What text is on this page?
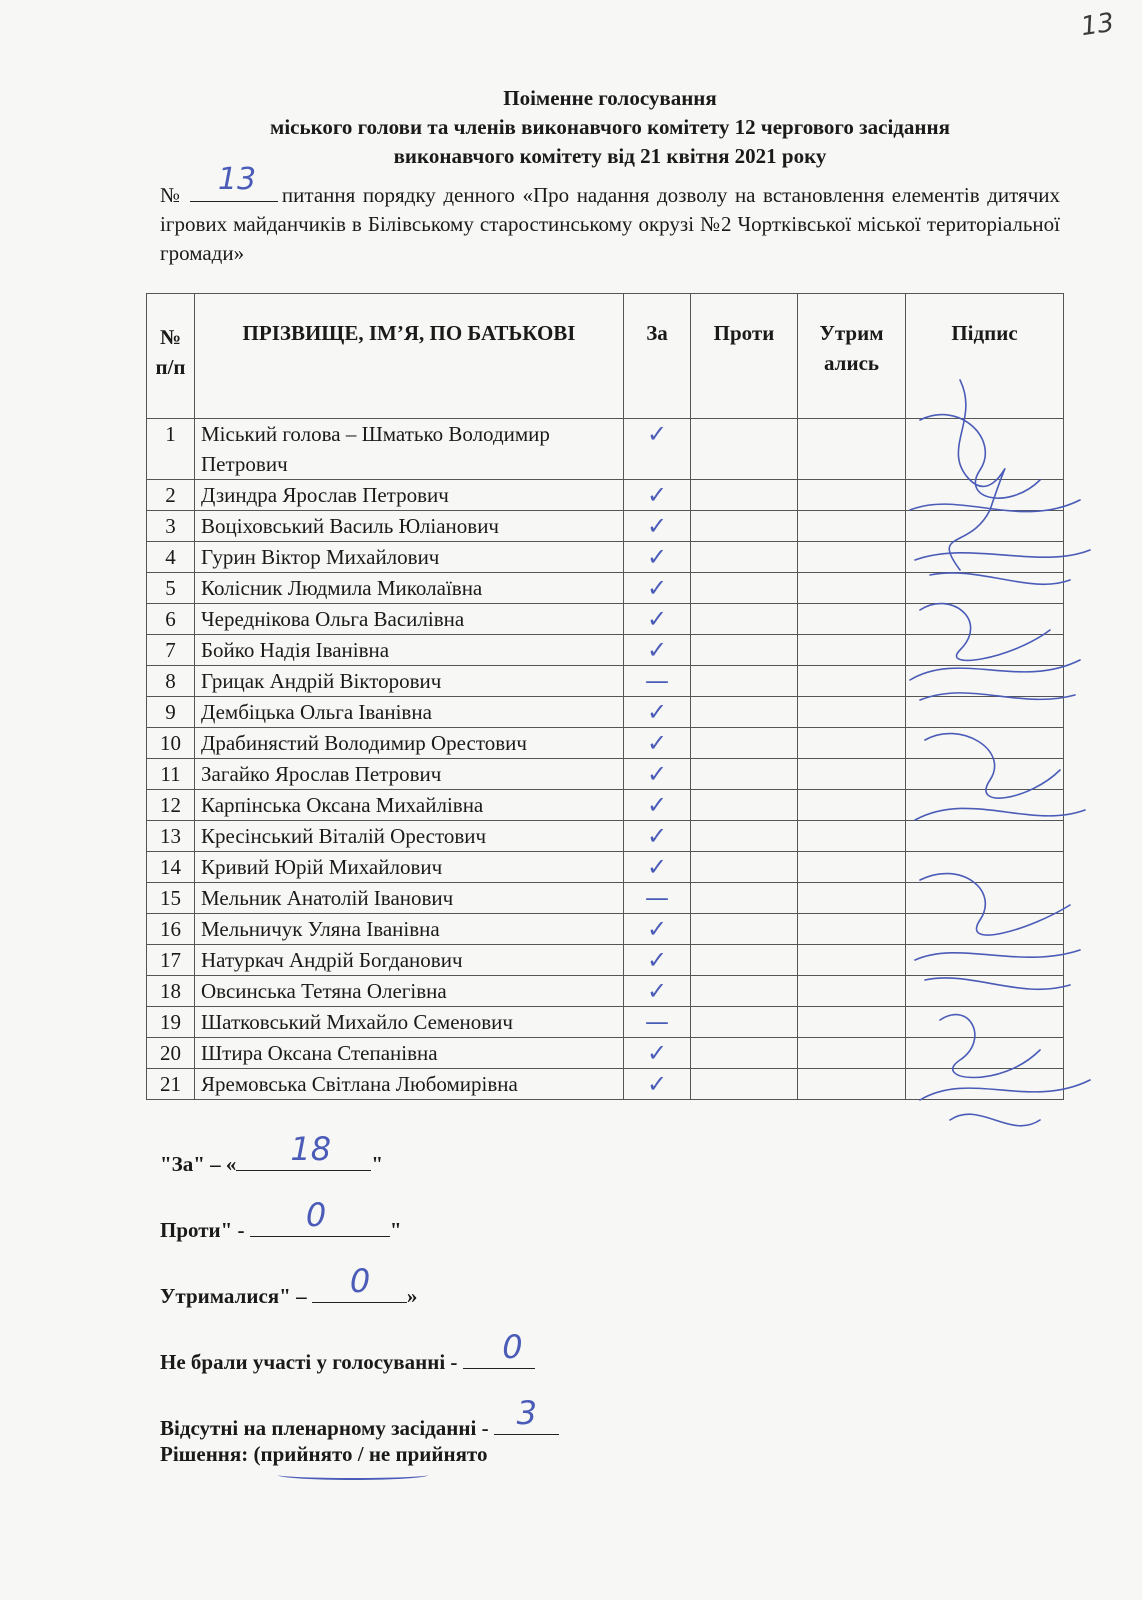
13
Поіменне голосування
міського голови та членів виконавчого комітету 12 чергового засідання
виконавчого комітету від 21 квітня 2021 року
№ 13 питання порядку денного «Про надання дозволу на встановлення елементів дитячих ігрових майданчиків в Білівському старостинському окрузі №2 Чортківської міської територіальної громади»
№ п/п	ПРІЗВИЩЕ, ІМ’Я, ПО БАТЬКОВІ	За	Проти	Утрим ались	Підпис
1	Міський голова – Шматько Володимир Петрович	✓			
2	Дзиндра Ярослав Петрович	✓			
3	Воціховський Василь Юліанович	✓			
4	Гурин Віктор Михайлович	✓			
5	Колісник Людмила Миколаївна	✓			
6	Череднікова Ольга Василівна	✓			
7	Бойко Надія Іванівна	✓			
8	Грицак Андрій Вікторович	—			
9	Дембіцька Ольга Іванівна	✓			
10	Драбинястий Володимир Орестович	✓			
11	Загайко Ярослав Петрович	✓			
12	Карпінська Оксана Михайлівна	✓			
13	Кресінський Віталій Орестович	✓			
14	Кривий Юрій Михайлович	✓			
15	Мельник Анатолій Іванович	—			
16	Мельничук Уляна Іванівна	✓			
17	Натуркач Андрій Богданович	✓			
18	Овсинська Тетяна Олегівна	✓			
19	Шатковський Михайло Семенович	—			
20	Штира Оксана Степанівна	✓			
21	Яремовська Світлана Любомирівна	✓			
"За" – « 18 "
Проти" - 0	"
Утрималися" – 0 »
Не брали участі у голосуванні - 0
Відсутні на пленарному засіданні - 3
Рішення: (прийнято / не прийнято
